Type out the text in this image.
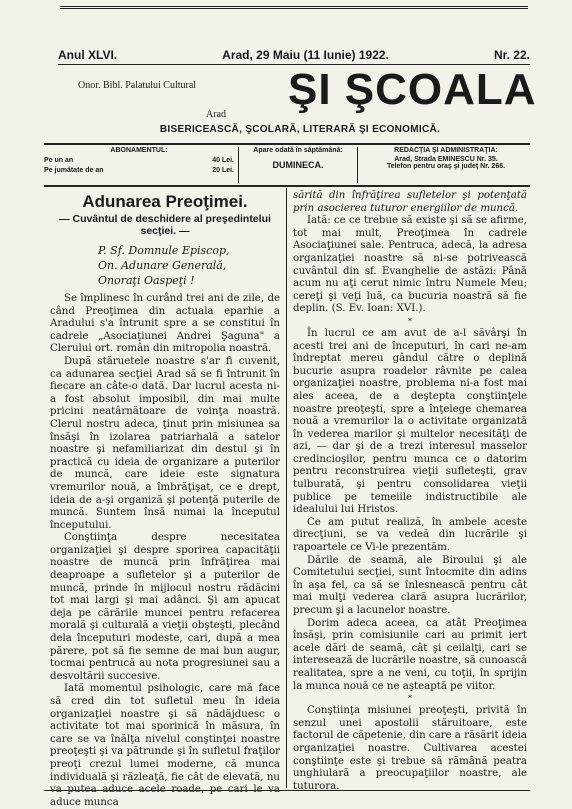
Anul XLVI.	Arad, 29 Maiu (11 Iunie) 1922.	Nr. 22.
Onor. Bibl. Palatului Cultural
Arad
ŞI ŞCOALA
BISERICEASCĂ, ŞCOLARĂ, LITERARĂ ŞI ECONOMICĂ.
ABONAMENTUL:
Pe un an	40 Lei.
Pe jumătate de an	20 Lei.
Apare odată în săptămână:
DUMINECA.
REDACŢIA ŞI ADMINISTRAŢIA:
Arad, Strada EMINESCU Nr. 35.
Telefon pentru oraş şi judeţ Nr. 266.

Adunarea Preoţimei.

— Cuvântul de deschidere al preşedintelui secţiei. —

P. Sf. Domnule Episcop,
On. Adunare Generală,
Onoraţi Oaspeţi !

Se împlinesc în curând trei ani de zile, de când Preoţimea din actuala eparhie a Aradului s'a întrunit spre a se constitui în cadrele „Asociaţiunei Andrei Şaguna" a Clerului ort. român din mitropolia noastră.

După stăruetele noastre s'ar fi cuvenit, ca adunarea secţiei Arad să se fi întrunit în fiecare an câte-o dată. Dar lucrul acesta ni-a fost absolut imposibil, din mai multe pricini neatârnătoare de voinţa noastră. Clerul nostru adeca, ţinut prin misiunea sa însăşi în izolarea patriarhală a satelor noastre şi nefamiliarizat din destul şi în practică cu ideia de organizare a puterilor de muncă, care ideie este signatura vremurilor nouă, a îmbrăţişat, ce e drept, ideia de a-şi organiză şi potenţă puterile de muncă. Suntem însă numai la începutul începutului.

Conştiinţa despre necesitatea organizaţiei şi despre sporirea capacităţii noastre de muncă prin înfrăţirea mai deaproape a sufletelor şi a puterilor de muncă, prinde în mijlocul nostru rădăcini tot mai largi şi mai adânci. Şi am apucat deja pe cărările muncei pentru refacerea morală şi culturală a vieţii obşteşti, plecând dela începuturi modeste, cari, după a mea părere, pot să fie semne de mai bun augur, tocmai pentrucă au nota progresiunei sau a desvoltării succesive.

Iată momentul psihologic, care mă face să cred din tot sufletul meu în ideia organizaţiei noastre şi să nădăjduesc o activitate tot mai sporinică în măsura, în care se va înălţa nivelul conştinţei noastre preoţeşti şi va pătrunde şi în sufletul fraţilor preoţi crezul lumei moderne, că munca individuală şi răzleaţă, fie cât de elevată, nu va putea aduce acele roade, pe cari le va aduce munca

sărită din înfrăţirea sufletelor şi potenţată prin asocierea tuturor energiilor de muncă.

Iată: ce ce trebue să existe şi să se afirme, tot mai mult, Preoţimea în cadrele Asociaţiunei sale. Pentruca, adecă, la adresa organizaţiei noastre să ni-se potrivească cuvântul din sf. Evanghelie de astăzi: Până acum nu aţi cerut nimic întru Numele Meu; cereţi şi veţi luă, ca bucuria noastră să fie deplin. (S. Ev. Ioan: XVI.).

*

În lucrul ce am avut de a-l săvârşi în acesti trei ani de începuturi, în cari ne-am îndreptat mereu gândul către o deplină bucurie asupra roadelor râvnite pe calea organizaţiei noastre, problema ni-a fost mai ales aceea, de a deştepta conştiinţele noastre preoţeşti, spre a înţelege chemarea nouă a vremurilor la o activitate organizată în vederea marilor şi multelor necesităţi de azi, — dar şi de a trezi interesul masselor credincioşilor, pentru munca ce o datorim pentru reconstruirea vieţii sufleteşti, grav tulburată, şi pentru consolidarea vieţii publice pe temeiile indistructibile ale idealului lui Hristos.

Ce am putut realiză, în ambele aceste direcţiuni, se va vedeă din lucrările şi rapoartele ce Vi-le prezentăm.

Dările de seamă, ale Biroului şi ale Comitetului secţiei, sunt întocmite din adins în aşa fel, ca să se înlesnească pentru cât mai mulţi vederea clară asupra lucrărilor, precum şi a lacunelor noastre.

Dorim adeca aceea, ca atât Preoţimea însăşi, prin comisiunile cari au primit iert acele dări de seamă, cât şi ceilalţi, cari se interesează de lucrările noastre, să cunoască realitatea, spre a ne veni, cu toţii, în sprijin la munca nouă ce ne aşteaptă pe viitor.

*

Conştiinţa misiunei preoţeşti, privită în senzul unei apostolii stăruitoare, este factorul de căpetenie, din care a răsărit ideia organizaţiei noastre. Cultivarea acestei conştiinţe este şi trebue să rămână peatra unghiulară a preocupaţiilor noastre, ale tuturora.
